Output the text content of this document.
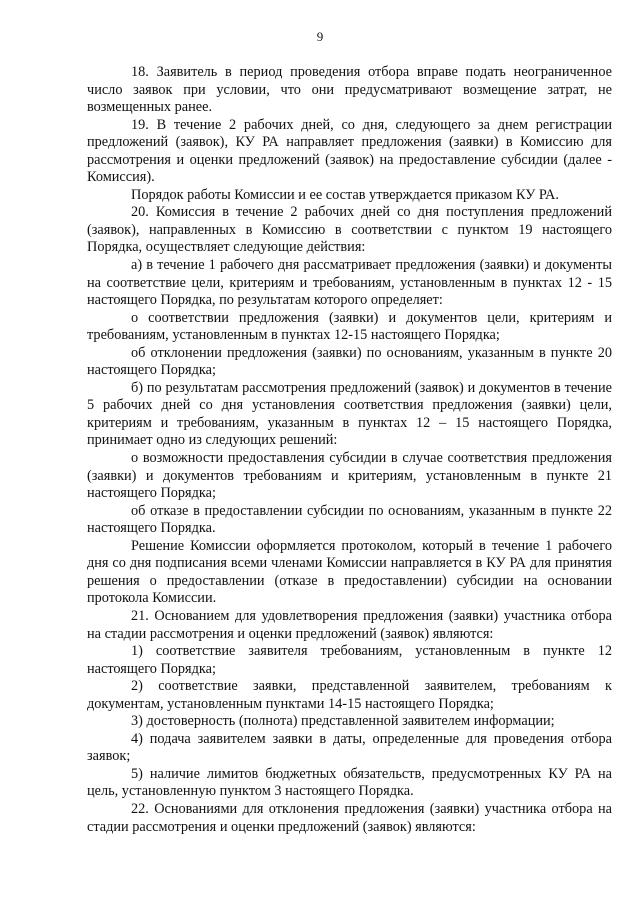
9

18. Заявитель в период проведения отбора вправе подать неограниченное число заявок при условии, что они предусматривают возмещение затрат, не возмещенных ранее.

19. В течение 2 рабочих дней, со дня, следующего за днем регистрации предложений (заявок), КУ РА направляет предложения (заявки) в Комиссию для рассмотрения и оценки предложений (заявок) на предоставление субсидии (далее - Комиссия).

Порядок работы Комиссии и ее состав утверждается приказом КУ РА.

20. Комиссия в течение 2 рабочих дней со дня поступления предложений (заявок), направленных в Комиссию в соответствии с пунктом 19 настоящего Порядка, осуществляет следующие действия:

а) в течение 1 рабочего дня рассматривает предложения (заявки) и документы на соответствие цели, критериям и требованиям, установленным в пунктах 12 - 15 настоящего Порядка, по результатам которого определяет:

о соответствии предложения (заявки) и документов цели, критериям и требованиям, установленным в пунктах 12-15 настоящего Порядка;

об отклонении предложения (заявки) по основаниям, указанным в пункте 20 настоящего Порядка;

б) по результатам рассмотрения предложений (заявок) и документов в течение 5 рабочих дней со дня установления соответствия предложения (заявки) цели, критериям и требованиям, указанным в пунктах 12 – 15 настоящего Порядка, принимает одно из следующих решений:

о возможности предоставления субсидии в случае соответствия предложения (заявки) и документов требованиям и критериям, установленным в пункте 21 настоящего Порядка;

об отказе в предоставлении субсидии по основаниям, указанным в пункте 22 настоящего Порядка.

Решение Комиссии оформляется протоколом, который в течение 1 рабочего дня со дня подписания всеми членами Комиссии направляется в КУ РА для принятия решения о предоставлении (отказе в предоставлении) субсидии на основании протокола Комиссии.

21. Основанием для удовлетворения предложения (заявки) участника отбора на стадии рассмотрения и оценки предложений (заявок) являются:

1) соответствие заявителя требованиям, установленным в пункте 12 настоящего Порядка;

2) соответствие заявки, представленной заявителем, требованиям к документам, установленным пунктами 14-15 настоящего Порядка;

3) достоверность (полнота) представленной заявителем информации;

4) подача заявителем заявки в даты, определенные для проведения отбора заявок;

5) наличие лимитов бюджетных обязательств, предусмотренных КУ РА на цель, установленную пунктом 3 настоящего Порядка.

22. Основаниями для отклонения предложения (заявки) участника отбора на стадии рассмотрения и оценки предложений (заявок) являются:
